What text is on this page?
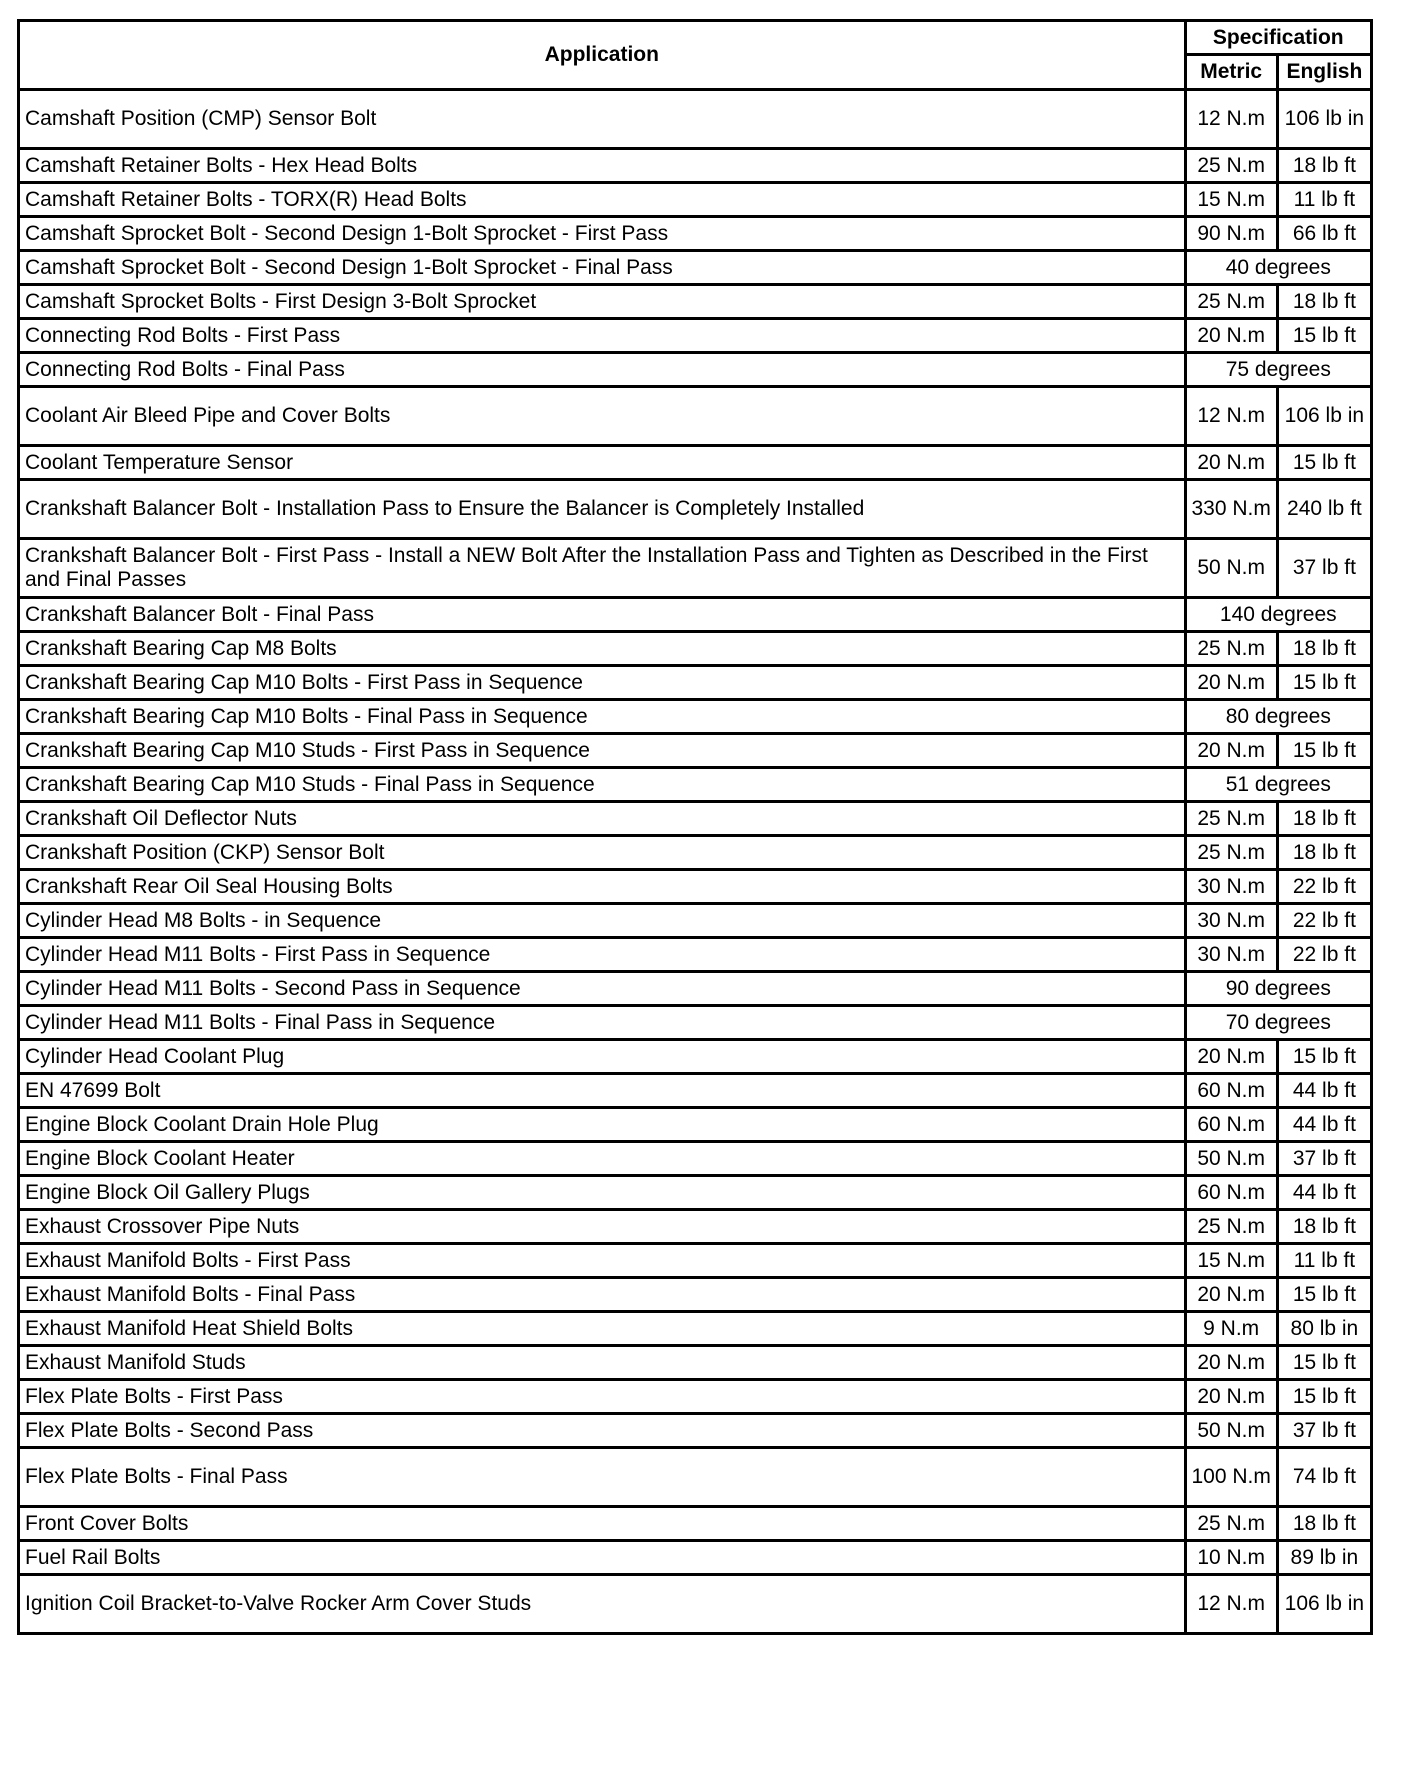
Application	Specification	
	Metric	English
Camshaft Position (CMP) Sensor Bolt	12 N.m	106 lb in
Camshaft Retainer Bolts - Hex Head Bolts	25 N.m	18 lb ft
Camshaft Retainer Bolts - TORX(R) Head Bolts	15 N.m	11 lb ft
Camshaft Sprocket Bolt - Second Design 1-Bolt Sprocket - First Pass	90 N.m	66 lb ft
Camshaft Sprocket Bolt - Second Design 1-Bolt Sprocket - Final Pass	40 degrees	
Camshaft Sprocket Bolts - First Design 3-Bolt Sprocket	25 N.m	18 lb ft
Connecting Rod Bolts - First Pass	20 N.m	15 lb ft
Connecting Rod Bolts - Final Pass	75 degrees	
Coolant Air Bleed Pipe and Cover Bolts	12 N.m	106 lb in
Coolant Temperature Sensor	20 N.m	15 lb ft
Crankshaft Balancer Bolt - Installation Pass to Ensure the Balancer is Completely Installed	330 N.m	240 lb ft
Crankshaft Balancer Bolt - First Pass - Install a NEW Bolt After the Installation Pass and Tighten as Described in the First and Final Passes	50 N.m	37 lb ft
Crankshaft Balancer Bolt - Final Pass	140 degrees	
Crankshaft Bearing Cap M8 Bolts	25 N.m	18 lb ft
Crankshaft Bearing Cap M10 Bolts - First Pass in Sequence	20 N.m	15 lb ft
Crankshaft Bearing Cap M10 Bolts - Final Pass in Sequence	80 degrees	
Crankshaft Bearing Cap M10 Studs - First Pass in Sequence	20 N.m	15 lb ft
Crankshaft Bearing Cap M10 Studs - Final Pass in Sequence	51 degrees	
Crankshaft Oil Deflector Nuts	25 N.m	18 lb ft
Crankshaft Position (CKP) Sensor Bolt	25 N.m	18 lb ft
Crankshaft Rear Oil Seal Housing Bolts	30 N.m	22 lb ft
Cylinder Head M8 Bolts - in Sequence	30 N.m	22 lb ft
Cylinder Head M11 Bolts - First Pass in Sequence	30 N.m	22 lb ft
Cylinder Head M11 Bolts - Second Pass in Sequence	90 degrees	
Cylinder Head M11 Bolts - Final Pass in Sequence	70 degrees	
Cylinder Head Coolant Plug	20 N.m	15 lb ft
EN 47699 Bolt	60 N.m	44 lb ft
Engine Block Coolant Drain Hole Plug	60 N.m	44 lb ft
Engine Block Coolant Heater	50 N.m	37 lb ft
Engine Block Oil Gallery Plugs	60 N.m	44 lb ft
Exhaust Crossover Pipe Nuts	25 N.m	18 lb ft
Exhaust Manifold Bolts - First Pass	15 N.m	11 lb ft
Exhaust Manifold Bolts - Final Pass	20 N.m	15 lb ft
Exhaust Manifold Heat Shield Bolts	9 N.m	80 lb in
Exhaust Manifold Studs	20 N.m	15 lb ft
Flex Plate Bolts - First Pass	20 N.m	15 lb ft
Flex Plate Bolts - Second Pass	50 N.m	37 lb ft
Flex Plate Bolts - Final Pass	100 N.m	74 lb ft
Front Cover Bolts	25 N.m	18 lb ft
Fuel Rail Bolts	10 N.m	89 lb in
Ignition Coil Bracket-to-Valve Rocker Arm Cover Studs	12 N.m	106 lb in
